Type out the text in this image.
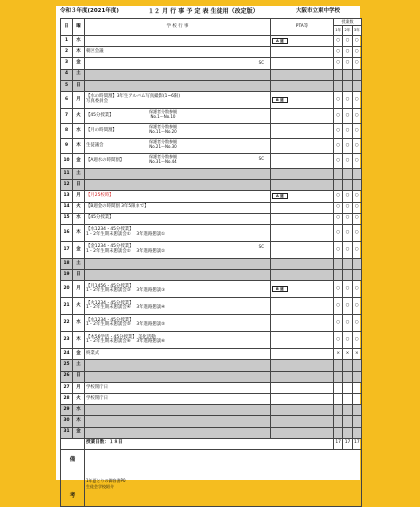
令和３年度(2021年度)	１２ 月 行 事 予 定 表 生徒用（改定版）	大阪市立東中学校
日	曜	学 校 行 事	PTA等	授業数
1年 2年 3年		

1	水		A 週	○	○	○
2	木	朝区会議		○	○	○
3	金	SC		○	○	○
4	土	

5	日	

6	月	【水の時間割】3年生アルバム写真撮影(1~6限)
写真委員会	B 週	○	○	○
7	火	【45分授業】
保護者分散参観
No.1～No.10		○	○	○
8	水	【月の時間割】
保護者分散参観
No.11～No.20		○	○	○
9	木	生徒議会
保護者分散参観
No.21～No.30		○	○	○
10	金	【A週水の時間割】
保護者分散参観
No.31～No.44
SC		○	○	○
11	土	

12	日	

13	月	【月25校時】	A 週	○	○	○
14	火	【B週金の時間割 3年5限まで】		○	○	○
15	水	【45分授業】		○	○	○
16	木	【水1234・45分授業】
1・2年生期末懇談会①　 3年進路懇談①		○	○	○
17	金	【金1234・45分授業】
1・2年生期末懇談会②　 3年進路懇談②
SC		○	○	○
18	土	

19	日	

20	月	【月1456・45分授業】
1・2年生期末懇談会③　 3年進路懇談③	B 週	○	○	○
21	火	【火1234・45分授業】
1・2年生期末懇談会④　 3年進路懇談④		○	○	○
22	水	【水1234・45分授業】
1・2年生期末懇談会⑤　 3年進路懇談⑤		○	○	○
23	木	【木56学活・45分授業】 美化活動
1・2年生期末懇談会⑥　 3年進路懇談⑥		○	○	○
24	金	終業式		×	×	×
25	土	

26	日	

27	月	学校閉庁日				

28	火	学校閉庁日				

29	水	

30	木	

31	金	

		授業日数：１８日		17	17	17
備

考		1年夏とりの御容書P0
生徒会学校紹介				
